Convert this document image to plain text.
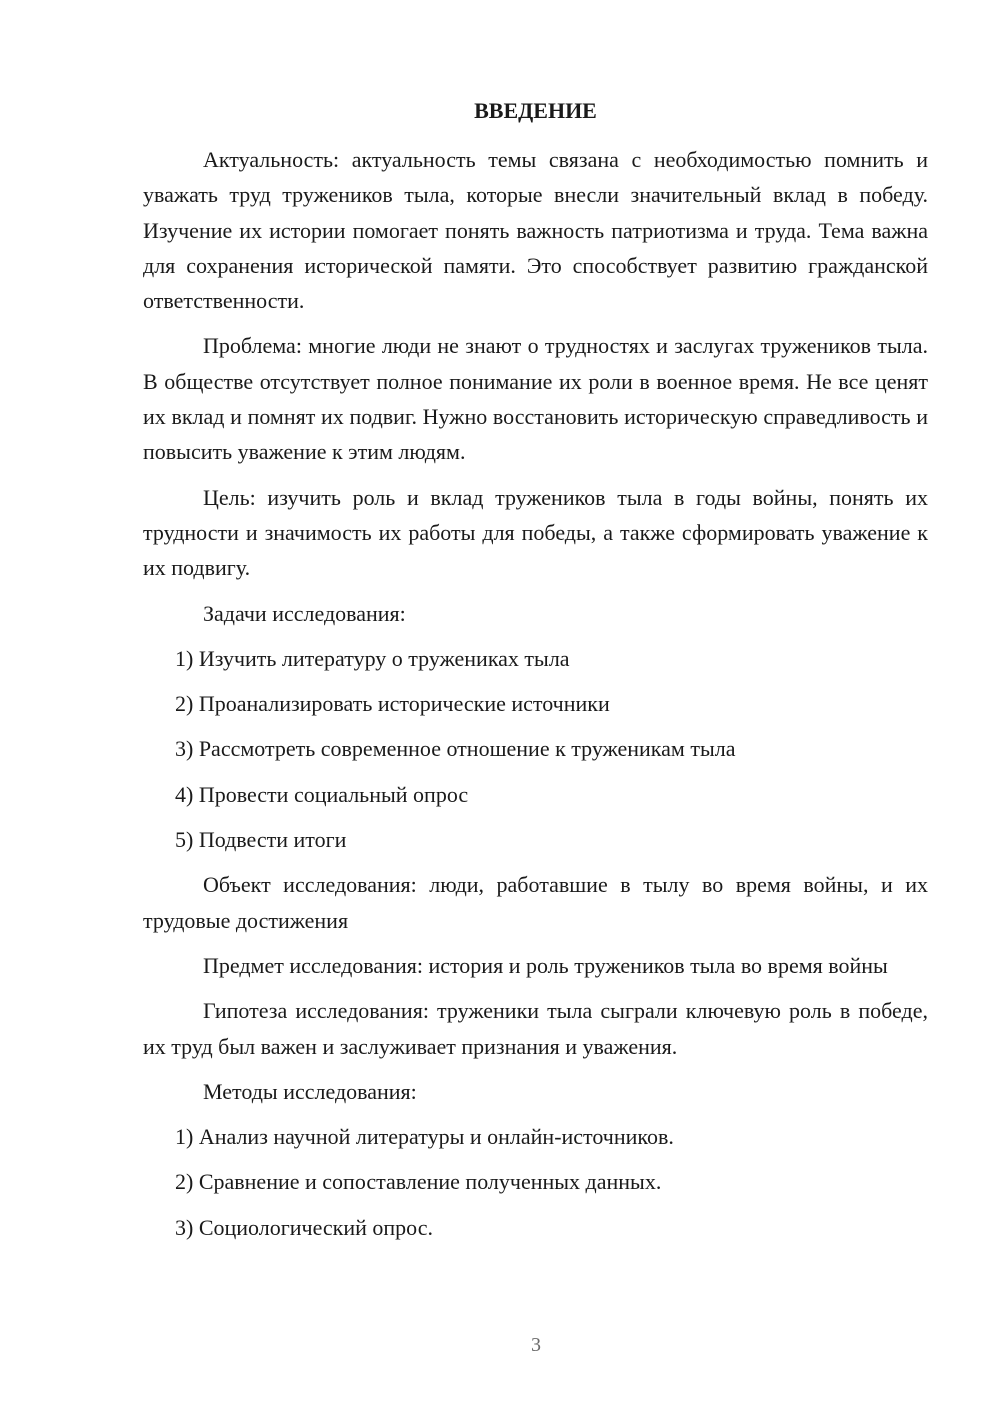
ВВЕДЕНИЕ

Актуальность: актуальность темы связана с необходимостью помнить и уважать труд тружеников тыла, которые внесли значительный вклад в победу. Изучение их истории помогает понять важность патриотизма и труда. Тема важна для сохранения исторической памяти. Это способствует развитию гражданской ответственности.

Проблема: многие люди не знают о трудностях и заслугах тружеников тыла. В обществе отсутствует полное понимание их роли в военное время. Не все ценят их вклад и помнят их подвиг. Нужно восстановить историческую справедливость и повысить уважение к этим людям.

Цель: изучить роль и вклад тружеников тыла в годы войны, понять их трудности и значимость их работы для победы, а также сформировать уважение к их подвигу.

Задачи исследования:

1) Изучить литературу о тружениках тыла
2) Проанализировать исторические источники
3) Рассмотреть современное отношение к труженикам тыла
4) Провести социальный опрос
5) Подвести итоги

Объект исследования: люди, работавшие в тылу во время войны, и их трудовые достижения

Предмет исследования: история и роль тружеников тыла во время войны

Гипотеза исследования: труженики тыла сыграли ключевую роль в победе, их труд был важен и заслуживает признания и уважения.

Методы исследования:

1) Анализ научной литературы и онлайн-источников.
2) Сравнение и сопоставление полученных данных.
3) Социологический опрос.
3
